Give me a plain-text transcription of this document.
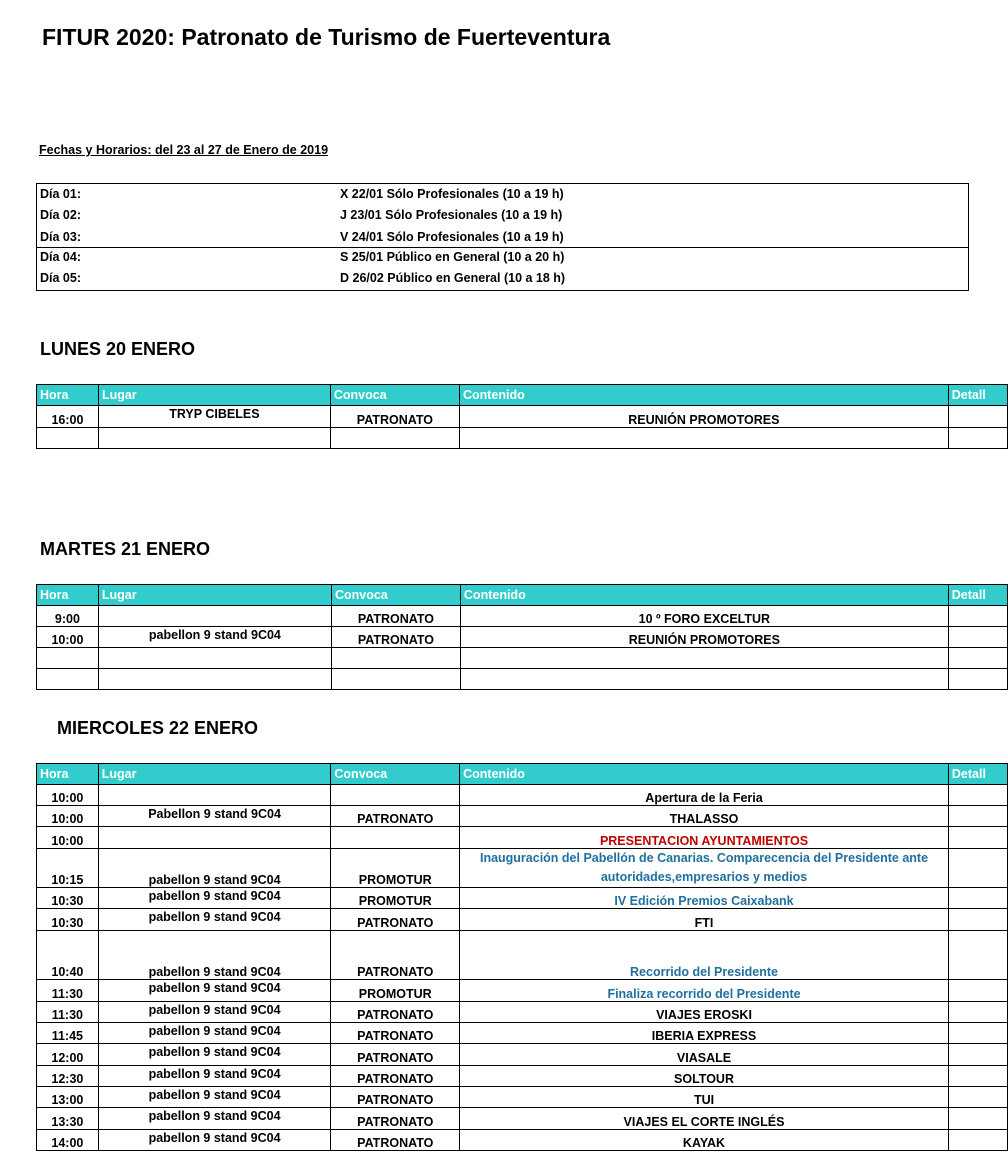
FITUR 2020: Patronato de Turismo de Fuerteventura
Fechas y Horarios: del 23 al 27 de Enero de 2019
Día 01:	X 22/01 Sólo Profesionales (10 a 19 h)
Día 02:	J 23/01 Sólo Profesionales (10 a 19 h)
Día 03:	V 24/01 Sólo Profesionales (10 a 19 h)
Día 04:	S 25/01 Público en General (10 a 20 h)
Día 05:	D 26/02 Público en General (10 a 18 h)
LUNES 20 ENERO
Hora	Lugar	Convoca	Contenido	Detall
16:00	TRYP CIBELES	PATRONATO	REUNIÓN PROMOTORES	

MARTES 21 ENERO
Hora	Lugar	Convoca	Contenido	Detall
9:00		PATRONATO	10 º FORO EXCELTUR	
10:00	pabellon 9 stand 9C04	PATRONATO	REUNIÓN PROMOTORES	

MIERCOLES 22 ENERO
Hora	Lugar	Convoca	Contenido	Detall
10:00			Apertura de la Feria	
10:00	Pabellon 9 stand 9C04	PATRONATO	THALASSO	
10:00			PRESENTACION AYUNTAMIENTOS	
10:15	pabellon 9 stand 9C04	PROMOTUR	Inauguración del Pabellón de Canarias. Comparecencia del Presidente ante autoridades,empresarios y medios	
10:30	pabellon 9 stand 9C04	PROMOTUR	IV Edición Premios Caixabank	
10:30	pabellon 9 stand 9C04	PATRONATO	FTI	
10:40	pabellon 9 stand 9C04	PATRONATO	Recorrido del Presidente	
11:30	pabellon 9 stand 9C04	PROMOTUR	Finaliza recorrido del Presidente	
11:30	pabellon 9 stand 9C04	PATRONATO	VIAJES EROSKI	
11:45	pabellon 9 stand 9C04	PATRONATO	IBERIA EXPRESS	
12:00	pabellon 9 stand 9C04	PATRONATO	VIASALE	
12:30	pabellon 9 stand 9C04	PATRONATO	SOLTOUR	
13:00	pabellon 9 stand 9C04	PATRONATO	TUI	
13:30	pabellon 9 stand 9C04	PATRONATO	VIAJES EL CORTE INGLÉS	
14:00	pabellon 9 stand 9C04	PATRONATO	KAYAK	
